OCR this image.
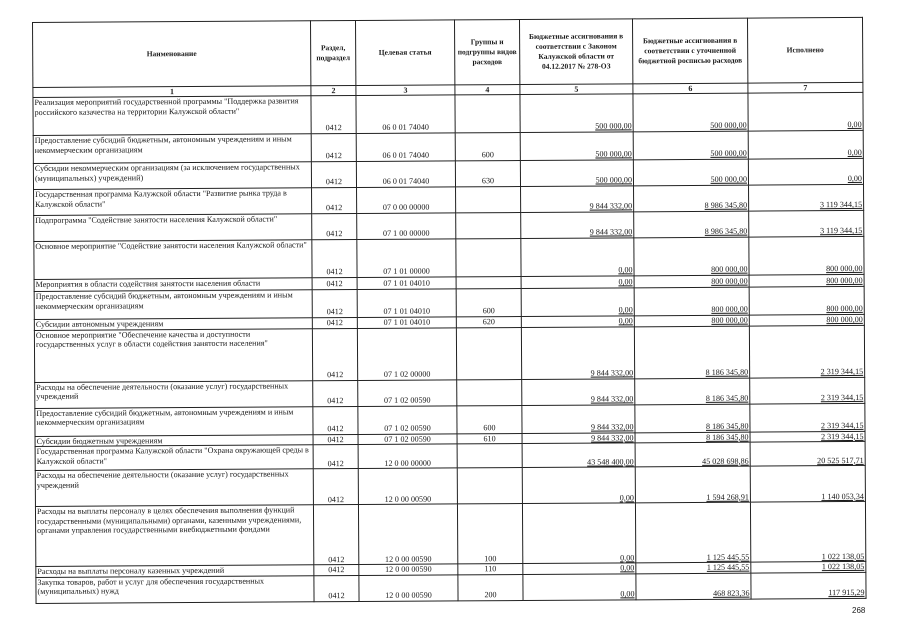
Наименование	Раздел, подраздел	Целевая статья	Группы и подгруппы видов расходов	Бюджетные ассигнования в соответствии с Законом Калужской области от 04.12.2017 № 278-ОЗ	Бюджетные ассигнования в соответствии с уточненной бюджетной росписью расходов	Исполнено
1	2	3	4	5	6	7
Реализация мероприятий государственной программы "Поддержка развития российского казачества на территории Калужской области"	0412	06 0 01 74040		500 000,00	500 000,00	0,00
Предоставление субсидий бюджетным, автономным учреждениям и иным некоммерческим организациям	0412	06 0 01 74040	600	500 000,00	500 000,00	0,00
Субсидии некоммерческим организациям (за исключением государственных (муниципальных) учреждений)	0412	06 0 01 74040	630	500 000,00	500 000,00	0,00
Государственная программа Калужской области "Развитие рынка труда в Калужской области"	0412	07 0 00 00000		9 844 332,00	8 986 345,80	3 119 344,15
Подпрограмма "Содействие занятости населения Калужской области"	0412	07 1 00 00000		9 844 332,00	8 986 345,80	3 119 344,15
Основное мероприятие "Содействие занятости населения Калужской области"	0412	07 1 01 00000		0,00	800 000,00	800 000,00
Мероприятия в области содействия занятости населения области	0412	07 1 01 04010		0,00	800 000,00	800 000,00
Предоставление субсидий бюджетным, автономным учреждениям и иным некоммерческим организациям	0412	07 1 01 04010	600	0,00	800 000,00	800 000,00
Субсидии автономным учреждениям	0412	07 1 01 04010	620	0,00	800 000,00	800 000,00
Основное мероприятие "Обеспечение качества и доступности государственных услуг в области содействия занятости населения"	0412	07 1 02 00000		9 844 332,00	8 186 345,80	2 319 344,15
Расходы на обеспечение деятельности (оказание услуг) государственных учреждений	0412	07 1 02 00590		9 844 332,00	8 186 345,80	2 319 344,15
Предоставление субсидий бюджетным, автономным учреждениям и иным некоммерческим организациям	0412	07 1 02 00590	600	9 844 332,00	8 186 345,80	2 319 344,15
Субсидии бюджетным учреждениям	0412	07 1 02 00590	610	9 844 332,00	8 186 345,80	2 319 344,15
Государственная программа Калужской области "Охрана окружающей среды в Калужской области"	0412	12 0 00 00000		43 548 400,00	45 028 698,86	20 525 517,71
Расходы на обеспечение деятельности (оказание услуг) государственных учреждений	0412	12 0 00 00590		0,00	1 594 268,91	1 140 053,34
Расходы на выплаты персоналу в целях обеспечения выполнения функций государственными (муниципальными) органами, казенными учреждениями, органами управления государственными внебюджетными фондами	0412	12 0 00 00590	100	0,00	1 125 445,55	1 022 138,05
Расходы на выплаты персоналу казенных учреждений	0412	12 0 00 00590	110	0,00	1 125 445,55	1 022 138,05
Закупка товаров, работ и услуг для обеспечения государственных (муниципальных) нужд	0412	12 0 00 00590	200	0,00	468 823,36	117 915,29
268
